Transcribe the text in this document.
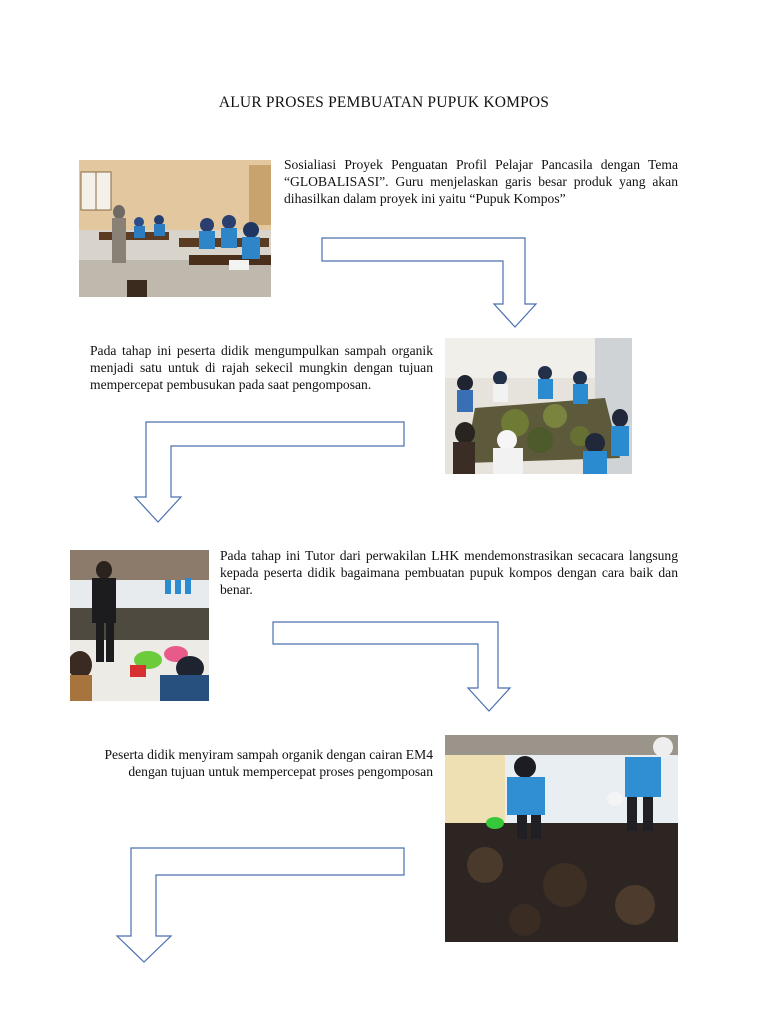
ALUR PROSES PEMBUATAN PUPUK KOMPOS

Sosialiasi Proyek Penguatan Profil Pelajar Pancasila dengan Tema “GLOBALISASI”. Guru menjelaskan garis besar produk yang akan dihasilkan dalam proyek ini yaitu “Pupuk Kompos”

Pada tahap ini peserta didik mengumpulkan sampah organik menjadi satu untuk di rajah sekecil mungkin dengan tujuan mempercepat pembusukan pada saat pengomposan.

Pada tahap ini Tutor dari perwakilan LHK mendemonstrasikan secacara langsung kepada peserta didik bagaimana pembuatan pupuk kompos dengan cara baik dan benar.

Peserta didik menyiram sampah organik dengan cairan EM4 dengan tujuan untuk mempercepat proses pengomposan
